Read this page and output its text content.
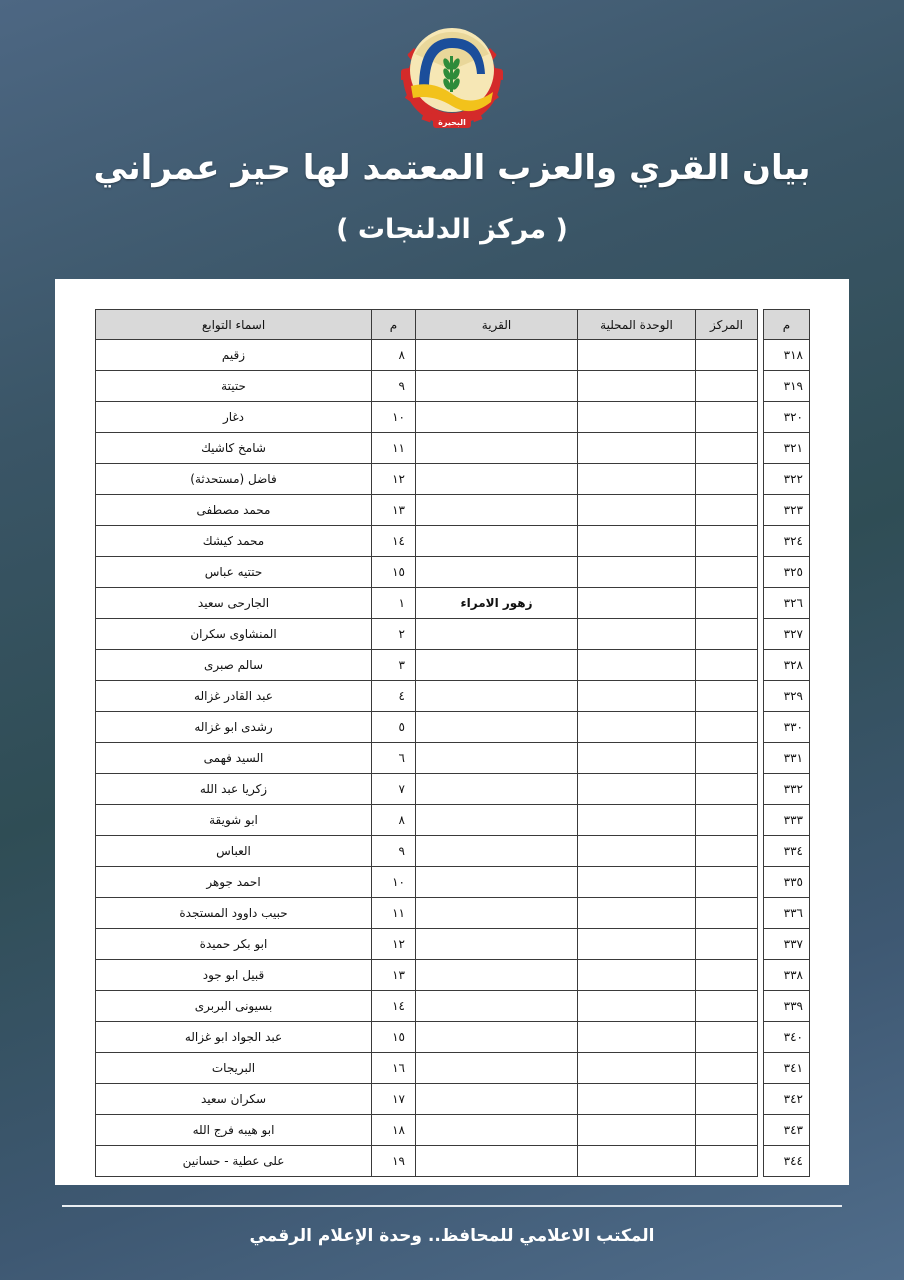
البحيرة
بيان القري والعزب المعتمد لها حيز عمراني
( مركز الدلنجات )
م		المركز	الوحدة المحلية	القرية	م	اسماء التوابع
٣١٨					٨	زقيم
٣١٩					٩	حتيتة
٣٢٠					١٠	دغار
٣٢١					١١	شامخ كاشيك
٣٢٢					١٢	فاضل (مستحدثة)
٣٢٣					١٣	محمد مصطفى
٣٢٤					١٤	محمد كيشك
٣٢٥					١٥	حتتيه عباس
٣٢٦				زهور الامراء	١	الجارحى سعيد
٣٢٧					٢	المنشاوى سكران
٣٢٨					٣	سالم صبرى
٣٢٩					٤	عبد القادر غزاله
٣٣٠					٥	رشدى ابو غزاله
٣٣١					٦	السيد فهمى
٣٣٢					٧	زكريا عبد الله
٣٣٣					٨	ابو شويقة
٣٣٤					٩	العباس
٣٣٥					١٠	احمد جوهر
٣٣٦					١١	حبيب داوود المستجدة
٣٣٧					١٢	ابو بكر حميدة
٣٣٨					١٣	قبيل ابو جود
٣٣٩					١٤	بسيونى البربرى
٣٤٠					١٥	عبد الجواد ابو غزاله
٣٤١					١٦	البريجات
٣٤٢					١٧	سكران سعيد
٣٤٣					١٨	ابو هيبه فرج الله
٣٤٤					١٩	على عطية - حسانين

المكتب الاعلامي للمحافظ.. وحدة الإعلام الرقمي
